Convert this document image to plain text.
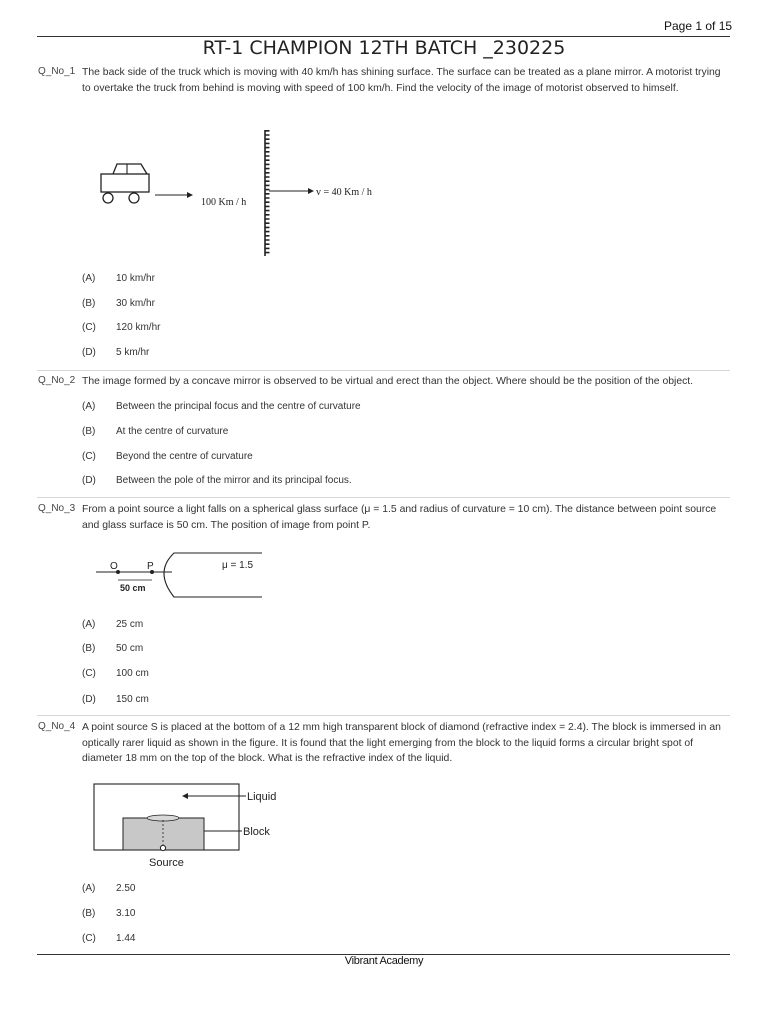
Page 1 of 15
RT-1 CHAMPION 12TH BATCH _230225
Q_No_1 The back side of the truck which is moving with 40 km/h has shining surface. The surface can be treated as a plane mirror. A motorist trying to overtake the truck from behind is moving with speed of 100 km/h. Find the velocity of the image of motorist observed to himself.
100 Km / h
v = 40 Km / h
(A) 10 km/hr
(B) 30 km/hr
(C) 120 km/hr
(D) 5 km/hr
Q_No_2 The image formed by a concave mirror is observed to be virtual and erect than the object. Where should be the position of the object.
(A) Between the principal focus and the centre of curvature
(B) At the centre of curvature
(C) Beyond the centre of curvature
(D) Between the pole of the mirror and its principal focus.
Q_No_3 From a point source a light falls on a spherical glass surface (μ = 1.5 and radius of curvature = 10 cm). The distance between point source and glass surface is 50 cm. The position of image from point P.
O	P	μ = 1.5
50 cm
(A) 25 cm
(B) 50 cm
(C) 100 cm
(D) 150 cm
Q_No_4 A point source S is placed at the bottom of a 12 mm high transparent block of diamond (refractive index = 2.4). The block is immersed in an optically rarer liquid as shown in the figure. It is found that the light emerging from the block to the liquid forms a circular bright spot of diameter 18 mm on the top of the block. What is the refractive index of the liquid.
Liquid
Block
Source
(A) 2.50
(B) 3.10
(C) 1.44
Vibrant Academy
